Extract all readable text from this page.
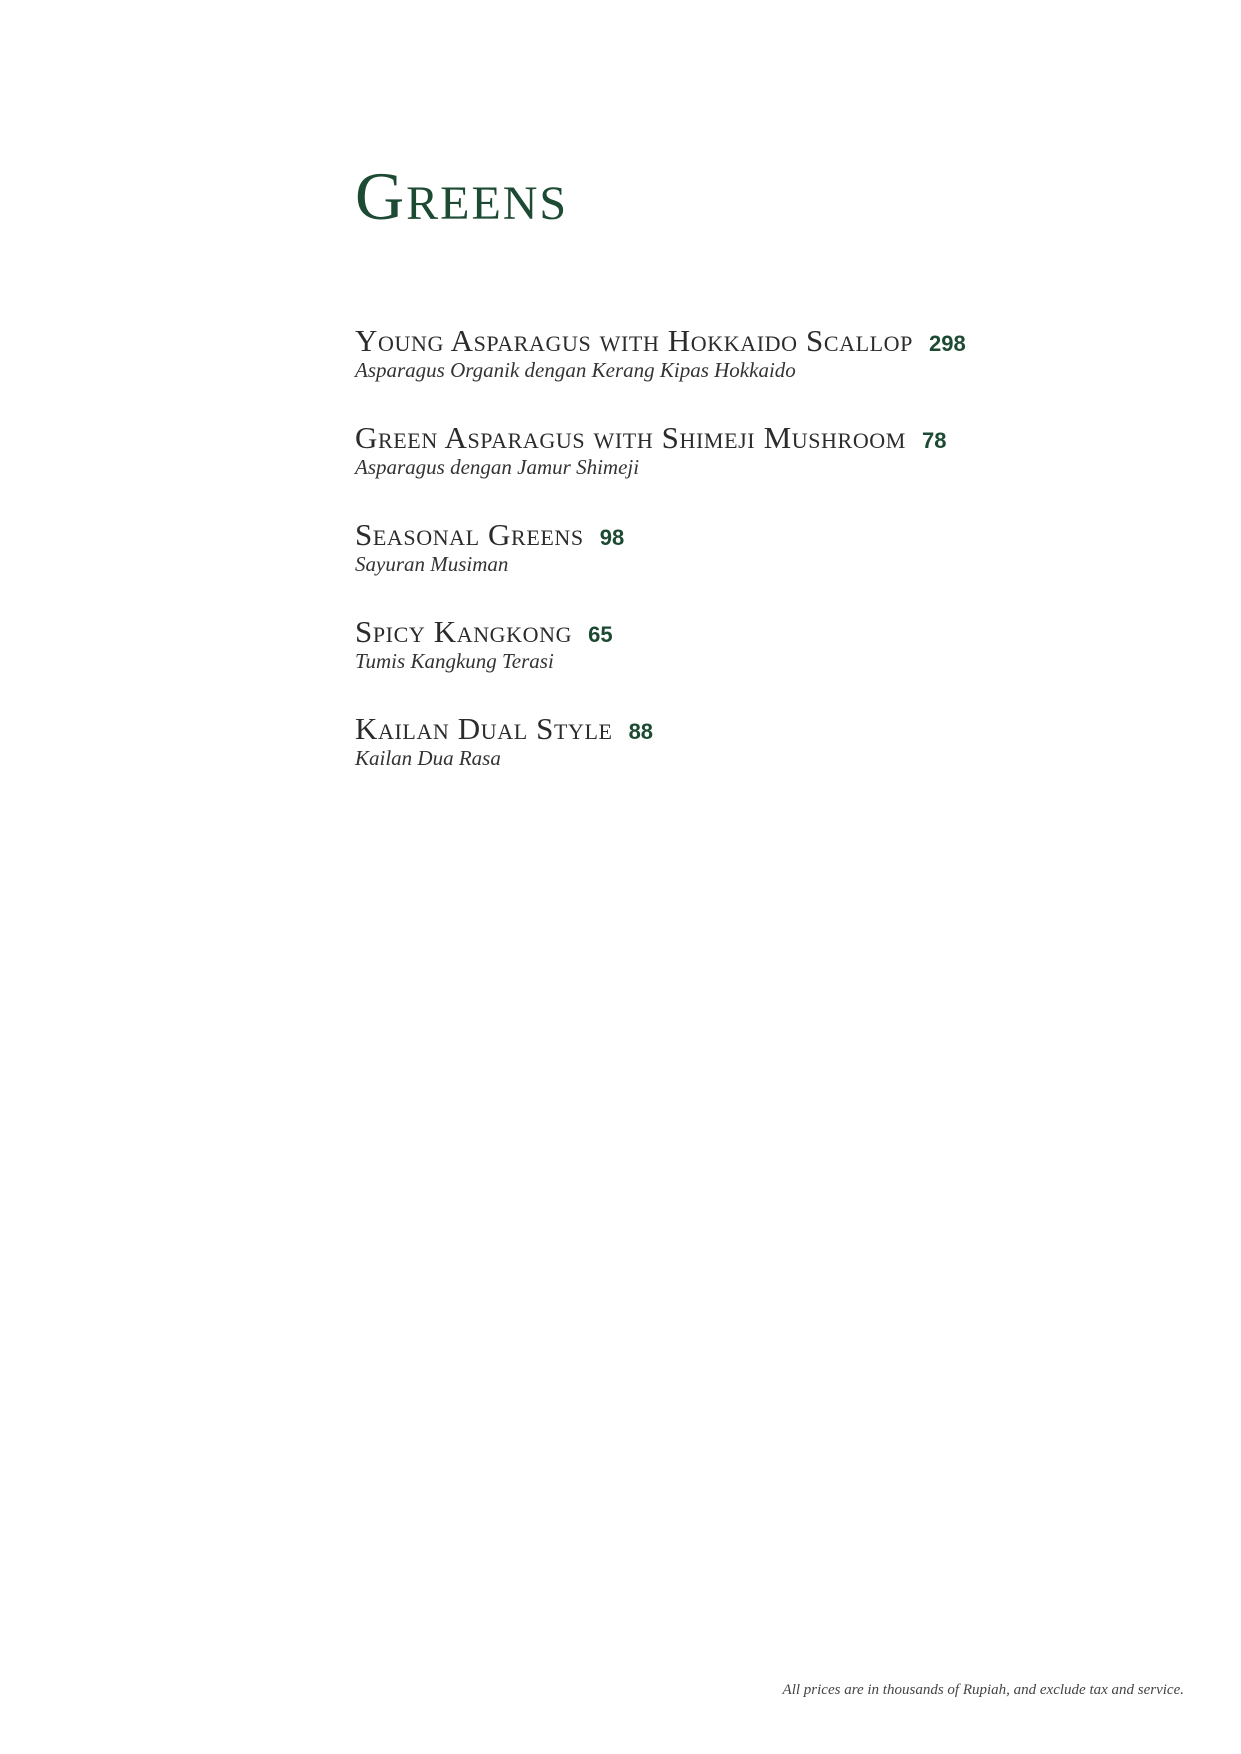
Greens
Young Asparagus with Hokkaido Scallop 298
Asparagus Organik dengan Kerang Kipas Hokkaido
Green Asparagus with Shimeji Mushroom 78
Asparagus dengan Jamur Shimeji
Seasonal Greens 98
Sayuran Musiman
Spicy Kangkong 65
Tumis Kangkung Terasi
Kailan Dual Style 88
Kailan Dua Rasa
All prices are in thousands of Rupiah, and exclude tax and service.
